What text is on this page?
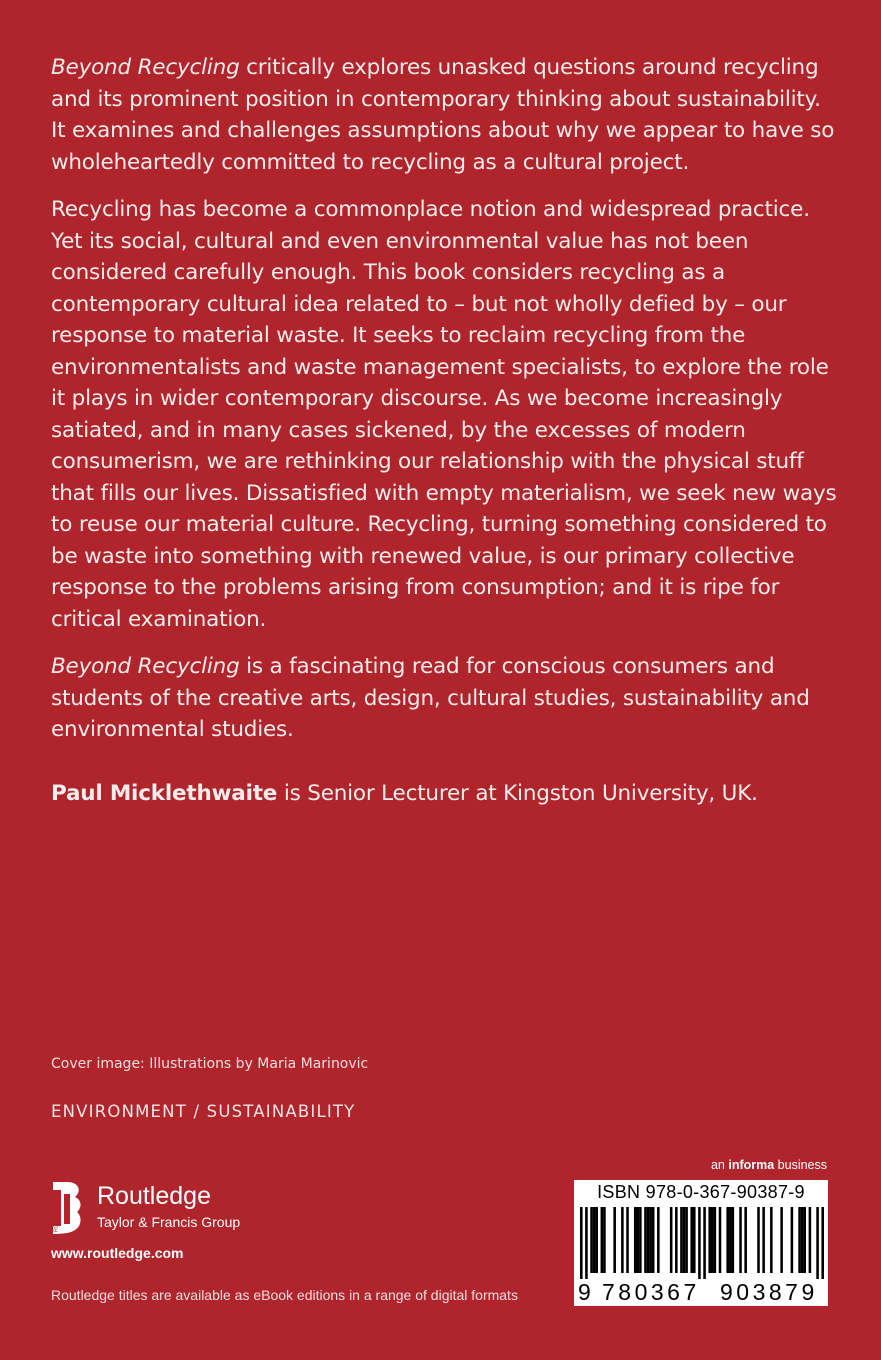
Beyond Recycling critically explores unasked questions around recycling and its prominent position in contemporary thinking about sustainability. It examines and challenges assumptions about why we appear to have so wholeheartedly committed to recycling as a cultural project.

Recycling has become a commonplace notion and widespread practice. Yet its social, cultural and even environmental value has not been considered carefully enough. This book considers recycling as a contemporary cultural idea related to – but not wholly defied by – our response to material waste. It seeks to reclaim recycling from the environmentalists and waste management specialists, to explore the role it plays in wider contemporary discourse. As we become increasingly satiated, and in many cases sickened, by the excesses of modern consumerism, we are rethinking our relationship with the physical stuff that fills our lives. Dissatisfied with empty materialism, we seek new ways to reuse our material culture. Recycling, turning something considered to be waste into something with renewed value, is our primary collective response to the problems arising from consumption; and it is ripe for critical examination.

Beyond Recycling is a fascinating read for conscious consumers and students of the creative arts, design, cultural studies, sustainability and environmental studies.

Paul Micklethwaite is Senior Lecturer at Kingston University, UK.

Cover image: Illustrations by Maria Marinovic
ENVIRONMENT / SUSTAINABILITY
ROUTLEDGE
Routledge
Taylor & Francis Group
www.routledge.com
Routledge titles are available as eBook editions in a range of digital formats
an informa business
ISBN 978-0-367-90387-9
9 780367 903879
